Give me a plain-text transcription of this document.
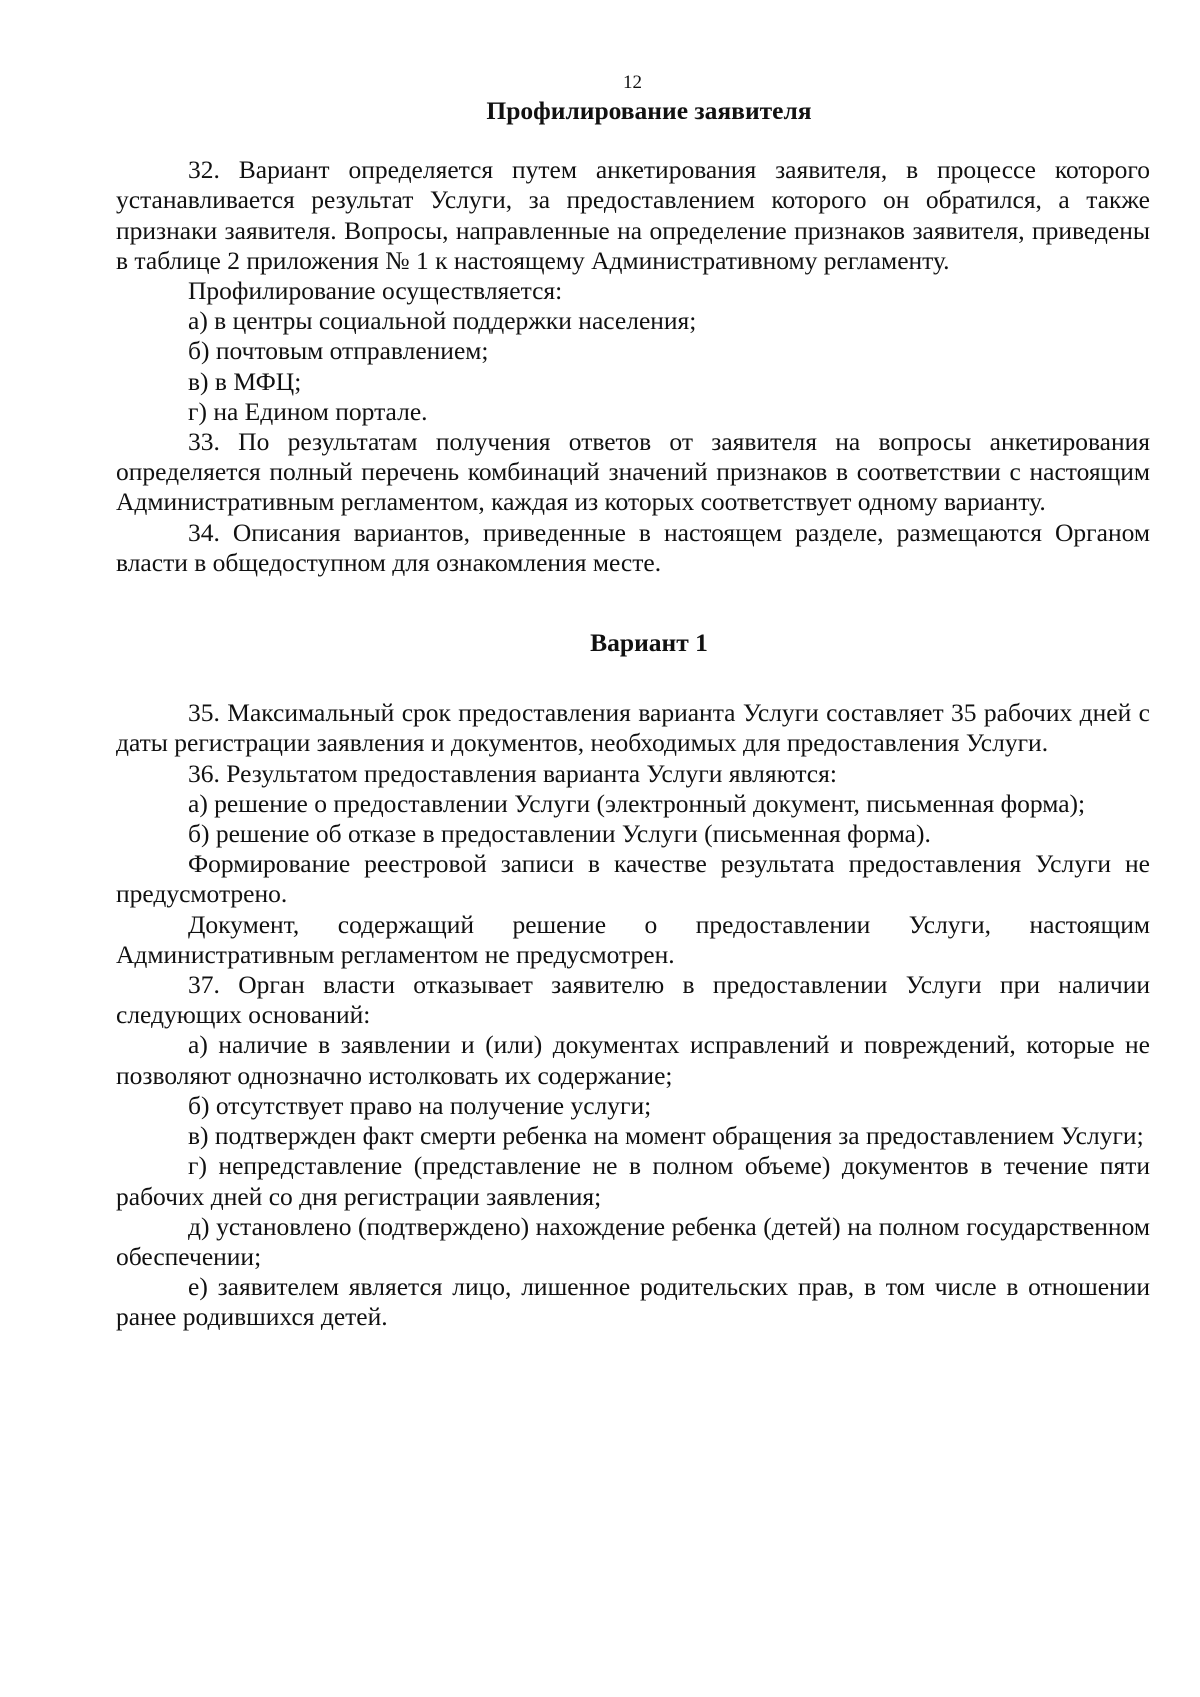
12
Профилирование заявителя

32. Вариант определяется путем анкетирования заявителя, в процессе которого устанавливается результат Услуги, за предоставлением которого он обратился, а также признаки заявителя. Вопросы, направленные на определение признаков заявителя, приведены в таблице 2 приложения № 1 к настоящему Административному регламенту.

Профилирование осуществляется:

а) в центры социальной поддержки населения;

б) почтовым отправлением;

в) в МФЦ;

г) на Едином портале.

33. По результатам получения ответов от заявителя на вопросы анкетирования определяется полный перечень комбинаций значений признаков в соответствии с настоящим Административным регламентом, каждая из которых соответствует одному варианту.

34. Описания вариантов, приведенные в настоящем разделе, размещаются Органом власти в общедоступном для ознакомления месте.

Вариант 1

35. Максимальный срок предоставления варианта Услуги составляет 35 рабочих дней с даты регистрации заявления и документов, необходимых для предоставления Услуги.

36. Результатом предоставления варианта Услуги являются:

а) решение о предоставлении Услуги (электронный документ, письменная форма);

б) решение об отказе в предоставлении Услуги (письменная форма).

Формирование реестровой записи в качестве результата предоставления Услуги не предусмотрено.

Документ, содержащий решение о предоставлении Услуги, настоящим Административным регламентом не предусмотрен.

37. Орган власти отказывает заявителю в предоставлении Услуги при наличии следующих оснований:

а) наличие в заявлении и (или) документах исправлений и повреждений, которые не позволяют однозначно истолковать их содержание;

б) отсутствует право на получение услуги;

в) подтвержден факт смерти ребенка на момент обращения за предоставлением Услуги;

г) непредставление (представление не в полном объеме) документов в течение пяти рабочих дней со дня регистрации заявления;

д) установлено (подтверждено) нахождение ребенка (детей) на полном государственном обеспечении;

е) заявителем является лицо, лишенное родительских прав, в том числе в отношении ранее родившихся детей.
